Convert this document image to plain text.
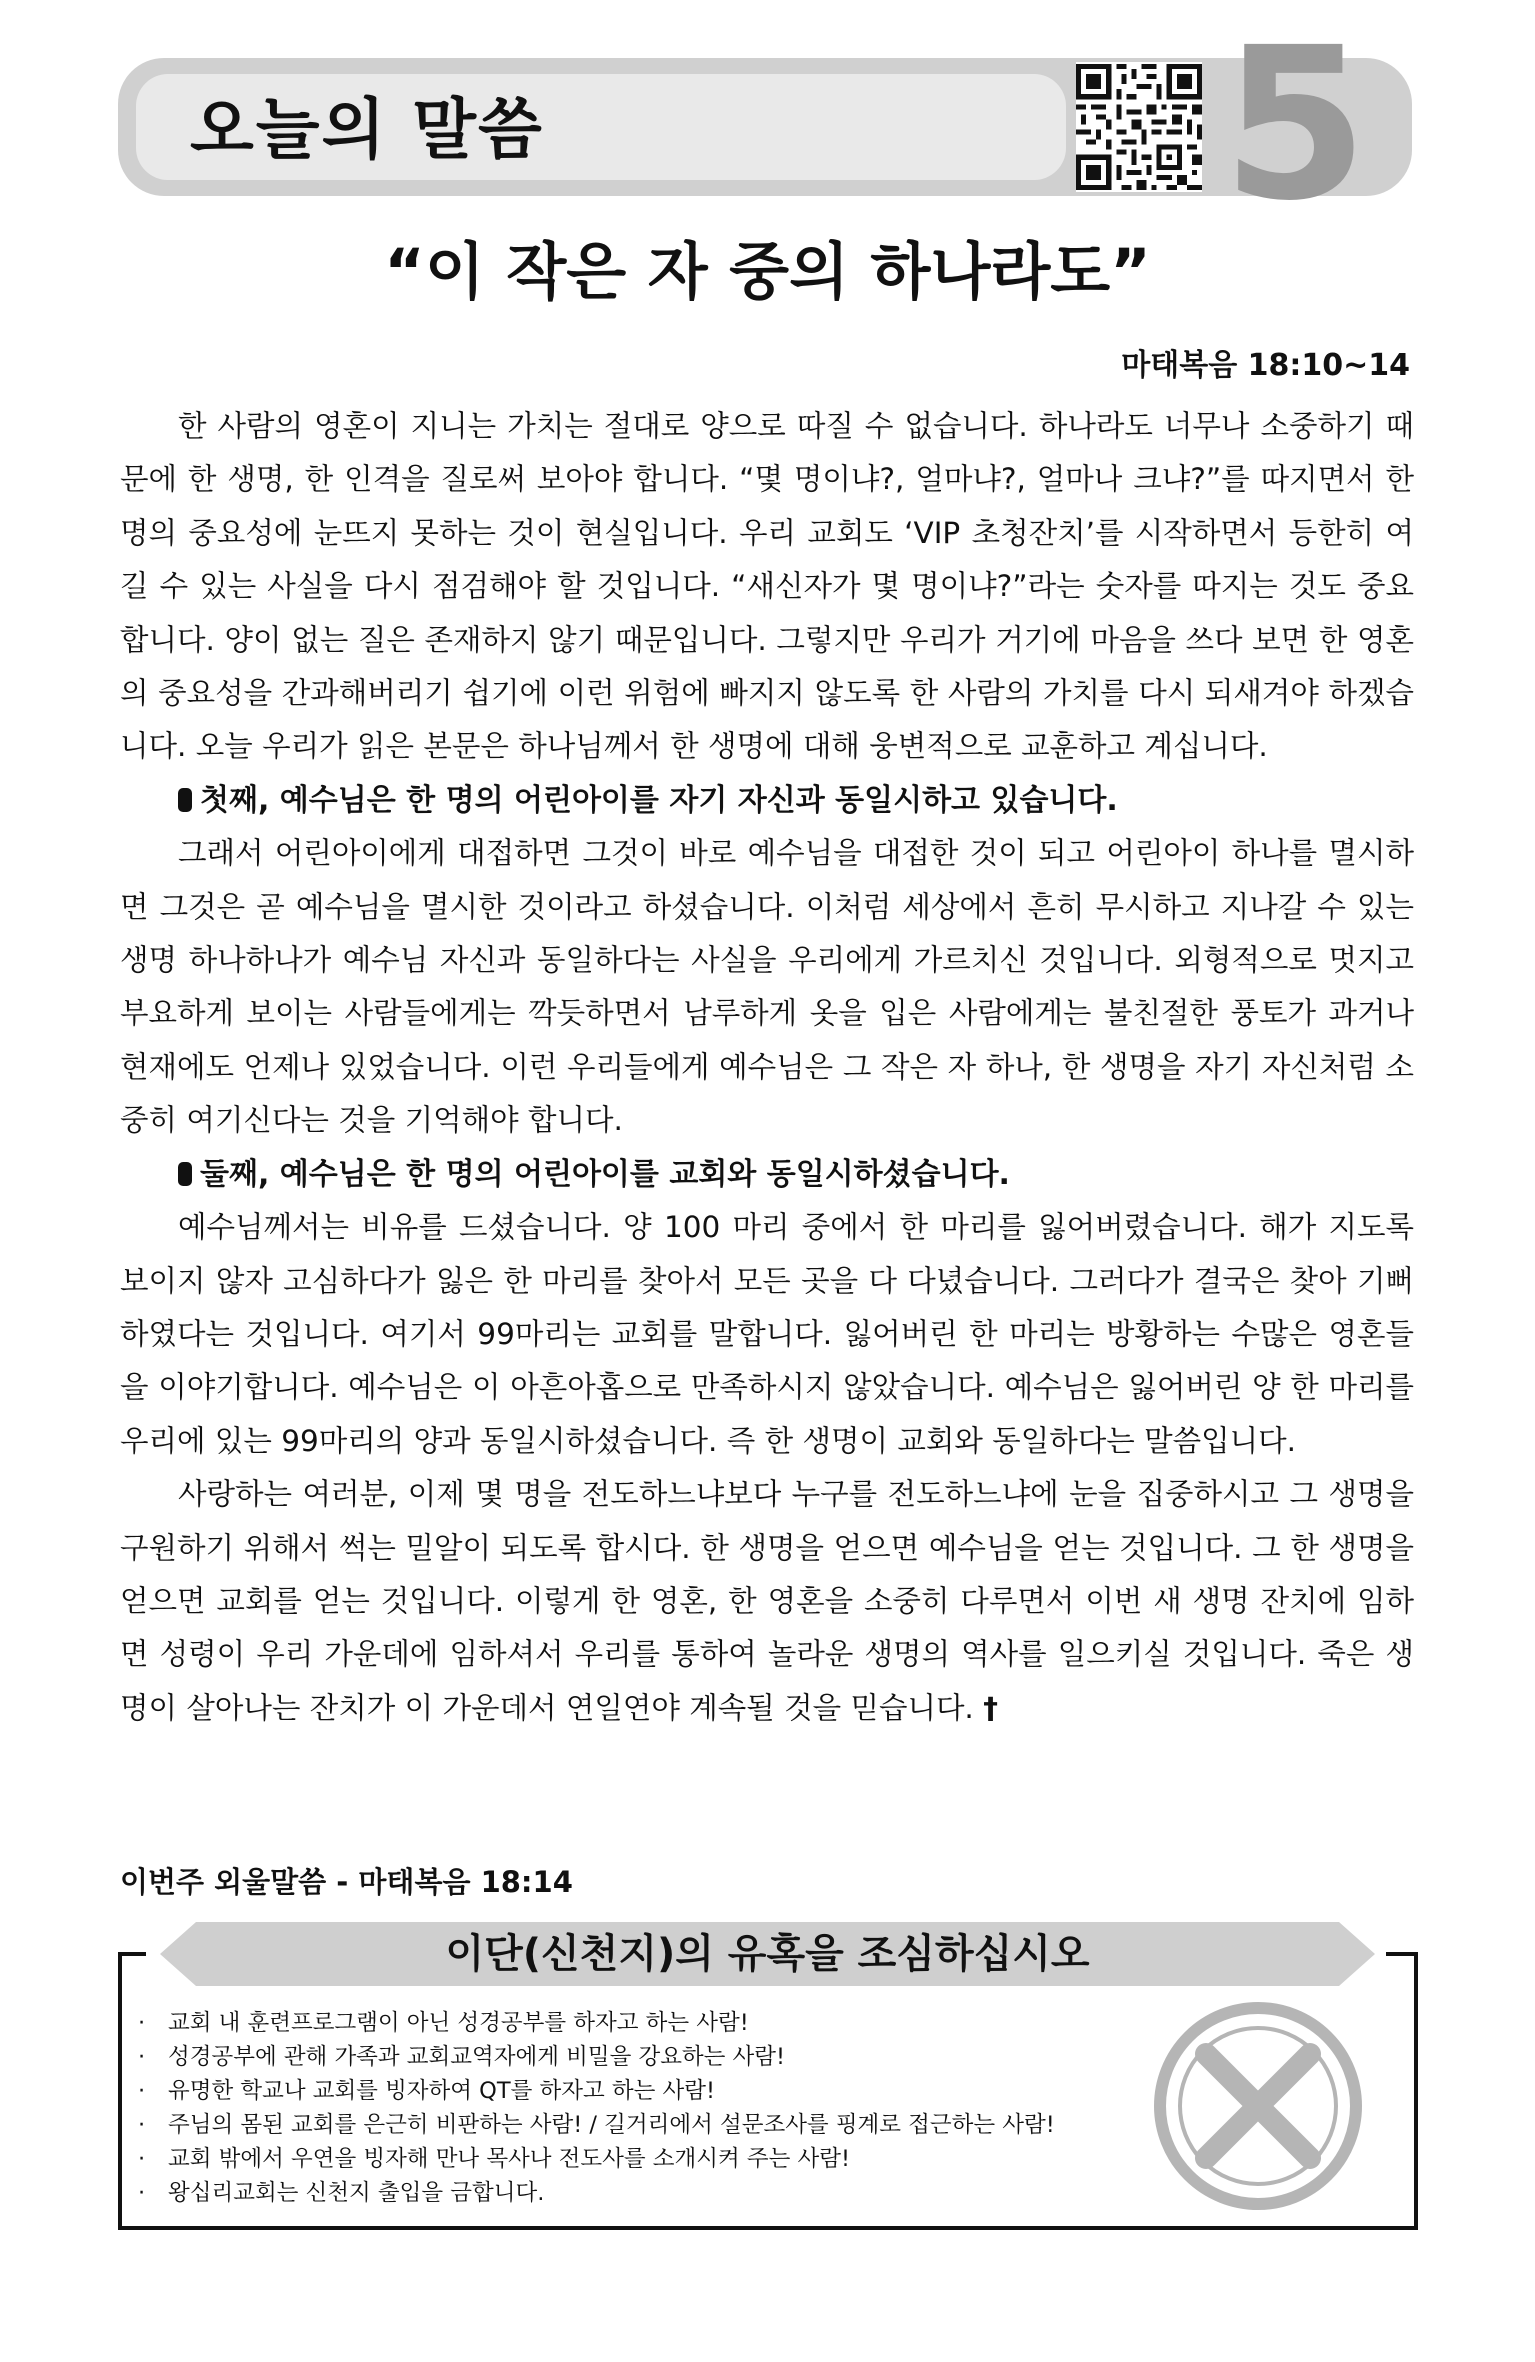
오늘의 말씀	5
“이 작은 자 중의 하나라도”
마태복음 18:10~14

한 사람의 영혼이 지니는 가치는 절대로 양으로 따질 수 없습니다. 하나라도 너무나 소중하기 때문에 한 생명, 한 인격을 질로써 보아야 합니다. “몇 명이냐?, 얼마냐?, 얼마나 크냐?”를 따지면서 한 명의 중요성에 눈뜨지 못하는 것이 현실입니다. 우리 교회도 ‘VIP 초청잔치’를 시작하면서 등한히 여길 수 있는 사실을 다시 점검해야 할 것입니다. “새신자가 몇 명이냐?”라는 숫자를 따지는 것도 중요합니다. 양이 없는 질은 존재하지 않기 때문입니다. 그렇지만 우리가 거기에 마음을 쓰다 보면 한 영혼의 중요성을 간과해버리기 쉽기에 이런 위험에 빠지지 않도록 한 사람의 가치를 다시 되새겨야 하겠습니다. 오늘 우리가 읽은 본문은 하나님께서 한 생명에 대해 웅변적으로 교훈하고 계십니다.

첫째, 예수님은 한 명의 어린아이를 자기 자신과 동일시하고 있습니다.

그래서 어린아이에게 대접하면 그것이 바로 예수님을 대접한 것이 되고 어린아이 하나를 멸시하면 그것은 곧 예수님을 멸시한 것이라고 하셨습니다. 이처럼 세상에서 흔히 무시하고 지나갈 수 있는 생명 하나하나가 예수님 자신과 동일하다는 사실을 우리에게 가르치신 것입니다. 외형적으로 멋지고 부요하게 보이는 사람들에게는 깍듯하면서 남루하게 옷을 입은 사람에게는 불친절한 풍토가 과거나 현재에도 언제나 있었습니다. 이런 우리들에게 예수님은 그 작은 자 하나, 한 생명을 자기 자신처럼 소중히 여기신다는 것을 기억해야 합니다.

둘째, 예수님은 한 명의 어린아이를 교회와 동일시하셨습니다.

예수님께서는 비유를 드셨습니다. 양 100 마리 중에서 한 마리를 잃어버렸습니다. 해가 지도록 보이지 않자 고심하다가 잃은 한 마리를 찾아서 모든 곳을 다 다녔습니다. 그러다가 결국은 찾아 기뻐하였다는 것입니다. 여기서 99마리는 교회를 말합니다. 잃어버린 한 마리는 방황하는 수많은 영혼들을 이야기합니다. 예수님은 이 아흔아홉으로 만족하시지 않았습니다. 예수님은 잃어버린 양 한 마리를 우리에 있는 99마리의 양과 동일시하셨습니다. 즉 한 생명이 교회와 동일하다는 말씀입니다.

사랑하는 여러분, 이제 몇 명을 전도하느냐보다 누구를 전도하느냐에 눈을 집중하시고 그 생명을 구원하기 위해서 썩는 밀알이 되도록 합시다. 한 생명을 얻으면 예수님을 얻는 것입니다. 그 한 생명을 얻으면 교회를 얻는 것입니다. 이렇게 한 영혼, 한 영혼을 소중히 다루면서 이번 새 생명 잔치에 임하면 성령이 우리 가운데에 임하셔서 우리를 통하여 놀라운 생명의 역사를 일으키실 것입니다. 죽은 생명이 살아나는 잔치가 이 가운데서 연일연야 계속될 것을 믿습니다. †

이번주 외울말씀 - 마태복음 18:14
이단(신천지)의 유혹을 조심하십시오
· 교회 내 훈련프로그램이 아닌 성경공부를 하자고 하는 사람!
· 성경공부에 관해 가족과 교회교역자에게 비밀을 강요하는 사람!
· 유명한 학교나 교회를 빙자하여 QT를 하자고 하는 사람!
· 주님의 몸된 교회를 은근히 비판하는 사람! / 길거리에서 설문조사를 핑계로 접근하는 사람!
· 교회 밖에서 우연을 빙자해 만나 목사나 전도사를 소개시켜 주는 사람!
· 왕십리교회는 신천지 출입을 금합니다.
